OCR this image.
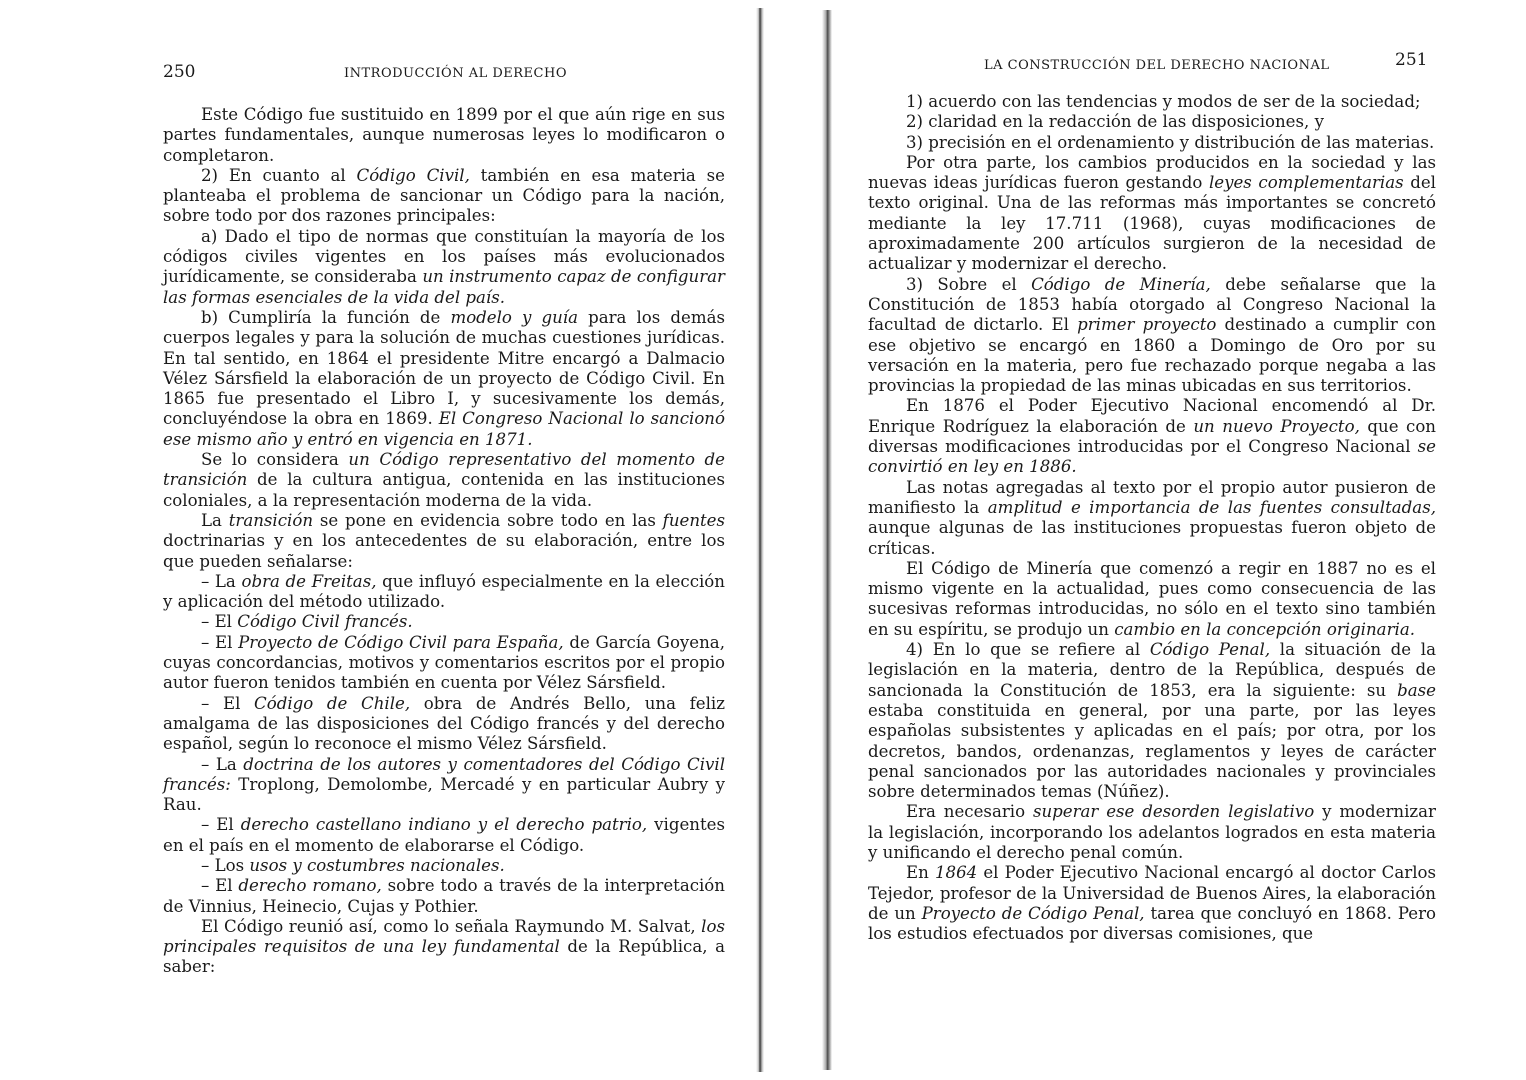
250	INTRODUCCIÓN AL DERECHO

Este Código fue sustituido en 1899 por el que aún rige en sus partes fundamentales, aunque numerosas leyes lo modificaron o completaron.

2) En cuanto al Código Civil, también en esa materia se planteaba el problema de sancionar un Código para la nación, sobre todo por dos razones principales:

a) Dado el tipo de normas que constituían la mayoría de los códigos civiles vigentes en los países más evolucionados jurídicamente, se consideraba un instrumento capaz de configurar las formas esenciales de la vida del país.

b) Cumpliría la función de modelo y guía para los demás cuerpos legales y para la solución de muchas cuestiones jurídicas. En tal sentido, en 1864 el presidente Mitre encargó a Dalmacio Vélez Sársfield la elaboración de un proyecto de Código Civil. En 1865 fue presentado el Libro I, y sucesivamente los demás, concluyéndose la obra en 1869. El Congreso Nacional lo sancionó ese mismo año y entró en vigencia en 1871.

Se lo considera un Código representativo del momento de transición de la cultura antigua, contenida en las instituciones coloniales, a la representación moderna de la vida.

La transición se pone en evidencia sobre todo en las fuentes doctrinarias y en los antecedentes de su elaboración, entre los que pueden señalarse:

– La obra de Freitas, que influyó especialmente en la elección y aplicación del método utilizado.

– El Código Civil francés.

– El Proyecto de Código Civil para España, de García Goyena, cuyas concordancias, motivos y comentarios escritos por el propio autor fueron tenidos también en cuenta por Vélez Sársfield.

– El Código de Chile, obra de Andrés Bello, una feliz amalgama de las disposiciones del Código francés y del derecho español, según lo reconoce el mismo Vélez Sársfield.

– La doctrina de los autores y comentadores del Código Civil francés: Troplong, Demolombe, Mercadé y en particular Aubry y Rau.

– El derecho castellano indiano y el derecho patrio, vigentes en el país en el momento de elaborarse el Código.

– Los usos y costumbres nacionales.

– El derecho romano, sobre todo a través de la interpretación de Vinnius, Heinecio, Cujas y Pothier.

El Código reunió así, como lo señala Raymundo M. Salvat, los principales requisitos de una ley fundamental de la República, a saber:

LA CONSTRUCCIÓN DEL DERECHO NACIONAL	251

1) acuerdo con las tendencias y modos de ser de la sociedad;

2) claridad en la redacción de las disposiciones, y

3) precisión en el ordenamiento y distribución de las materias.

Por otra parte, los cambios producidos en la sociedad y las nuevas ideas jurídicas fueron gestando leyes complementarias del texto original. Una de las reformas más importantes se concretó mediante la ley 17.711 (1968), cuyas modificaciones de aproximadamente 200 artículos surgieron de la necesidad de actualizar y modernizar el derecho.

3) Sobre el Código de Minería, debe señalarse que la Constitución de 1853 había otorgado al Congreso Nacional la facultad de dictarlo. El primer proyecto destinado a cumplir con ese objetivo se encargó en 1860 a Domingo de Oro por su versación en la materia, pero fue rechazado porque negaba a las provincias la propiedad de las minas ubicadas en sus territorios.

En 1876 el Poder Ejecutivo Nacional encomendó al Dr. Enrique Rodríguez la elaboración de un nuevo Proyecto, que con diversas modificaciones introducidas por el Congreso Nacional se convirtió en ley en 1886.

Las notas agregadas al texto por el propio autor pusieron de manifiesto la amplitud e importancia de las fuentes consultadas, aunque algunas de las instituciones propuestas fueron objeto de críticas.

El Código de Minería que comenzó a regir en 1887 no es el mismo vigente en la actualidad, pues como consecuencia de las sucesivas reformas introducidas, no sólo en el texto sino también en su espíritu, se produjo un cambio en la concepción originaria.

4) En lo que se refiere al Código Penal, la situación de la legislación en la materia, dentro de la República, después de sancionada la Constitución de 1853, era la siguiente: su base estaba constituida en general, por una parte, por las leyes españolas subsistentes y aplicadas en el país; por otra, por los decretos, bandos, ordenanzas, reglamentos y leyes de carácter penal sancionados por las autoridades nacionales y provinciales sobre determinados temas (Núñez).

Era necesario superar ese desorden legislativo y modernizar la legislación, incorporando los adelantos logrados en esta materia y unificando el derecho penal común.

En 1864 el Poder Ejecutivo Nacional encargó al doctor Carlos Tejedor, profesor de la Universidad de Buenos Aires, la elaboración de un Proyecto de Código Penal, tarea que concluyó en 1868. Pero los estudios efectuados por diversas comisiones, que
